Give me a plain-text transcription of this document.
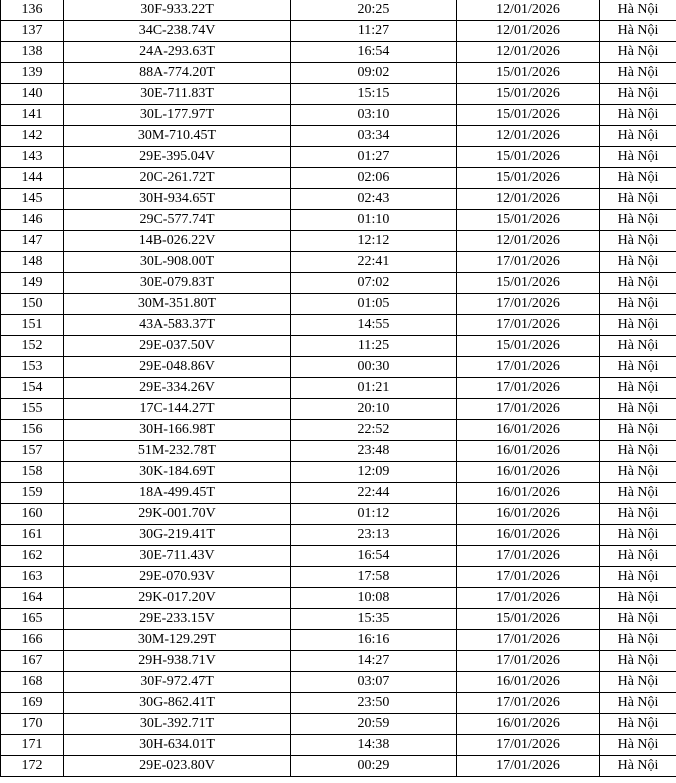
136	30F-933.22T	20:25	12/01/2026	Hà Nội
137	34C-238.74V	11:27	12/01/2026	Hà Nội
138	24A-293.63T	16:54	12/01/2026	Hà Nội
139	88A-774.20T	09:02	15/01/2026	Hà Nội
140	30E-711.83T	15:15	15/01/2026	Hà Nội
141	30L-177.97T	03:10	15/01/2026	Hà Nội
142	30M-710.45T	03:34	12/01/2026	Hà Nội
143	29E-395.04V	01:27	15/01/2026	Hà Nội
144	20C-261.72T	02:06	15/01/2026	Hà Nội
145	30H-934.65T	02:43	12/01/2026	Hà Nội
146	29C-577.74T	01:10	15/01/2026	Hà Nội
147	14B-026.22V	12:12	12/01/2026	Hà Nội
148	30L-908.00T	22:41	17/01/2026	Hà Nội
149	30E-079.83T	07:02	15/01/2026	Hà Nội
150	30M-351.80T	01:05	17/01/2026	Hà Nội
151	43A-583.37T	14:55	17/01/2026	Hà Nội
152	29E-037.50V	11:25	15/01/2026	Hà Nội
153	29E-048.86V	00:30	17/01/2026	Hà Nội
154	29E-334.26V	01:21	17/01/2026	Hà Nội
155	17C-144.27T	20:10	17/01/2026	Hà Nội
156	30H-166.98T	22:52	16/01/2026	Hà Nội
157	51M-232.78T	23:48	16/01/2026	Hà Nội
158	30K-184.69T	12:09	16/01/2026	Hà Nội
159	18A-499.45T	22:44	16/01/2026	Hà Nội
160	29K-001.70V	01:12	16/01/2026	Hà Nội
161	30G-219.41T	23:13	16/01/2026	Hà Nội
162	30E-711.43V	16:54	17/01/2026	Hà Nội
163	29E-070.93V	17:58	17/01/2026	Hà Nội
164	29K-017.20V	10:08	17/01/2026	Hà Nội
165	29E-233.15V	15:35	15/01/2026	Hà Nội
166	30M-129.29T	16:16	17/01/2026	Hà Nội
167	29H-938.71V	14:27	17/01/2026	Hà Nội
168	30F-972.47T	03:07	16/01/2026	Hà Nội
169	30G-862.41T	23:50	17/01/2026	Hà Nội
170	30L-392.71T	20:59	16/01/2026	Hà Nội
171	30H-634.01T	14:38	17/01/2026	Hà Nội
172	29E-023.80V	00:29	17/01/2026	Hà Nội
